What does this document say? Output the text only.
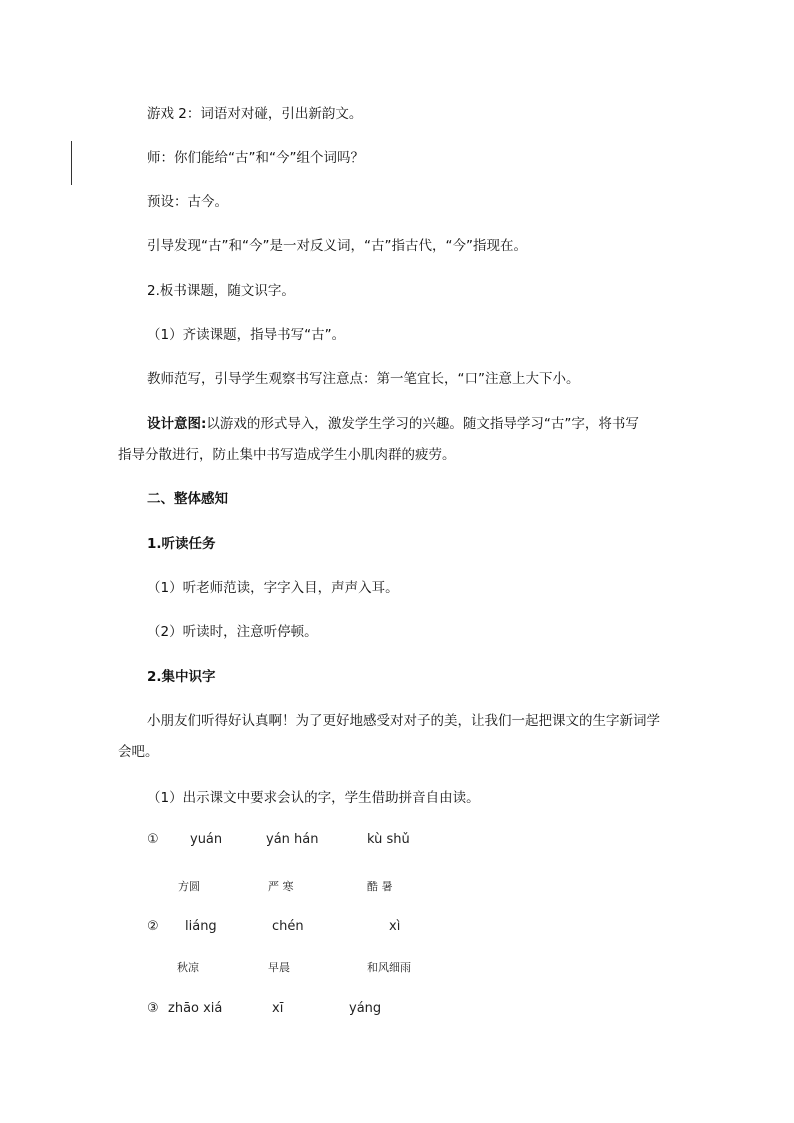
游戏 2：词语对对碰，引出新韵文。
师：你们能给“古”和“今”组个词吗？
预设：古今。
引导发现“古”和“今”是一对反义词，“古”指古代，“今”指现在。
2.板书课题，随文识字。
（1）齐读课题，指导书写“古”。
教师范写，引导学生观察书写注意点：第一笔宜长，“口”注意上大下小。
设计意图:以游戏的形式导入，激发学生学习的兴趣。随文指导学习“古”字，将书写
指导分散进行，防止集中书写造成学生小肌肉群的疲劳。
二、整体感知
1.听读任务
（1）听老师范读，字字入目，声声入耳。
（2）听读时，注意听停顿。
2.集中识字
小朋友们听得好认真啊！为了更好地感受对对子的美，让我们一起把课文的生字新词学
会吧。
（1）出示课文中要求会认的字，学生借助拼音自由读。
① yuán	yán hán	kù shǔ
方圆	严 寒	酷 暑
② liáng	chén	xì
秋凉	早晨	和风细雨
③ zhāo xiá	xī	yáng
